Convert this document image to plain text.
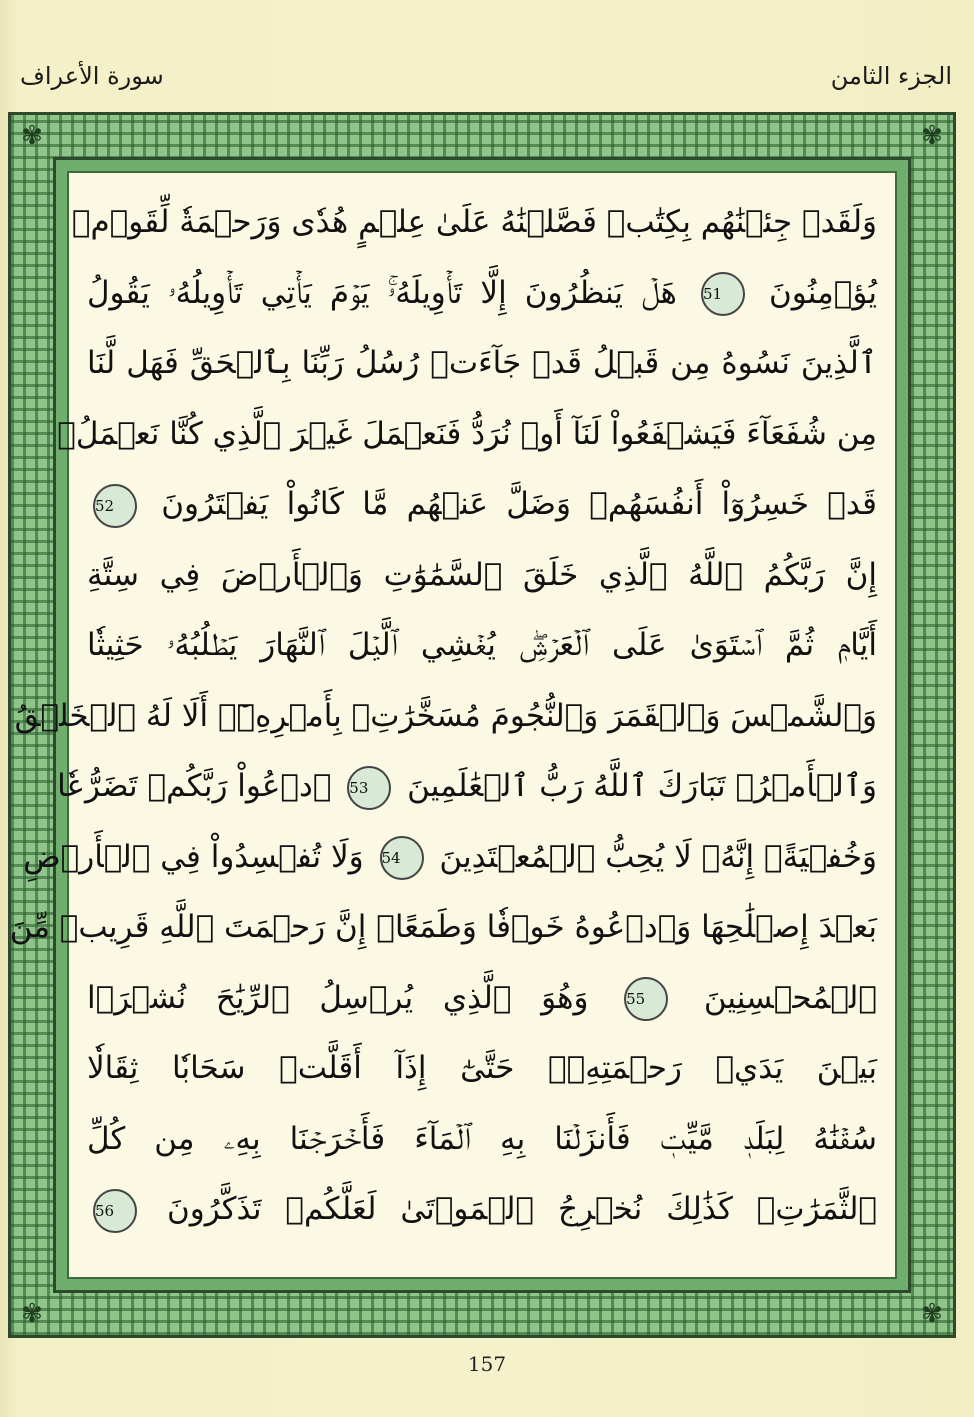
سورة الأعراف	الجزء الثامن
✾	✾
✾	✾
وَلَقَدۡ جِئۡنَٰهُم بِكِتَٰبٖ فَصَّلۡنَٰهُ عَلَىٰ عِلۡمٍ هُدٗى وَرَحۡمَةٗ لِّقَوۡمٖ
يُؤۡمِنُونَ 51 هَلۡ يَنظُرُونَ إِلَّا تَأۡوِيلَهُۥۚ يَوۡمَ يَأۡتِي تَأۡوِيلُهُۥ يَقُولُ
ٱلَّذِينَ نَسُوهُ مِن قَبۡلُ قَدۡ جَآءَتۡ رُسُلُ رَبِّنَا بِٱلۡحَقِّ فَهَل لَّنَا
مِن شُفَعَآءَ فَيَشۡفَعُواْ لَنَآ أَوۡ نُرَدُّ فَنَعۡمَلَ غَيۡرَ ٱلَّذِي كُنَّا نَعۡمَلُۚ
قَدۡ خَسِرُوٓاْ أَنفُسَهُمۡ وَضَلَّ عَنۡهُم مَّا كَانُواْ يَفۡتَرُونَ 52
إِنَّ رَبَّكُمُ ٱللَّهُ ٱلَّذِي خَلَقَ ٱلسَّمَٰوَٰتِ وَٱلۡأَرۡضَ فِي سِتَّةِ
أَيَّامٖ ثُمَّ ٱسۡتَوَىٰ عَلَى ٱلۡعَرۡشِۖ يُغۡشِي ٱلَّيۡلَ ٱلنَّهَارَ يَطۡلُبُهُۥ حَثِيثٗا
وَٱلشَّمۡسَ وَٱلۡقَمَرَ وَٱلنُّجُومَ مُسَخَّرَٰتِۭ بِأَمۡرِهِۦٓۗ أَلَا لَهُ ٱلۡخَلۡقُ
وَٱلۡأَمۡرُۗ تَبَارَكَ ٱللَّهُ رَبُّ ٱلۡعَٰلَمِينَ 53 ٱدۡعُواْ رَبَّكُمۡ تَضَرُّعٗا
وَخُفۡيَةًۚ إِنَّهُۥ لَا يُحِبُّ ٱلۡمُعۡتَدِينَ 54 وَلَا تُفۡسِدُواْ فِي ٱلۡأَرۡضِ
بَعۡدَ إِصۡلَٰحِهَا وَٱدۡعُوهُ خَوۡفٗا وَطَمَعًاۚ إِنَّ رَحۡمَتَ ٱللَّهِ قَرِيبٞ مِّنَ
ٱلۡمُحۡسِنِينَ 55 وَهُوَ ٱلَّذِي يُرۡسِلُ ٱلرِّيَٰحَ نُشۡرَۢا
بَيۡنَ يَدَيۡ رَحۡمَتِهِۦۖ حَتَّىٰٓ إِذَآ أَقَلَّتۡ سَحَابٗا ثِقَالٗا
سُقۡنَٰهُ لِبَلَدٖ مَّيِّتٖ فَأَنزَلۡنَا بِهِ ٱلۡمَآءَ فَأَخۡرَجۡنَا بِهِۦ مِن كُلِّ
ٱلثَّمَرَٰتِۚ كَذَٰلِكَ نُخۡرِجُ ٱلۡمَوۡتَىٰ لَعَلَّكُمۡ تَذَكَّرُونَ 56
157
